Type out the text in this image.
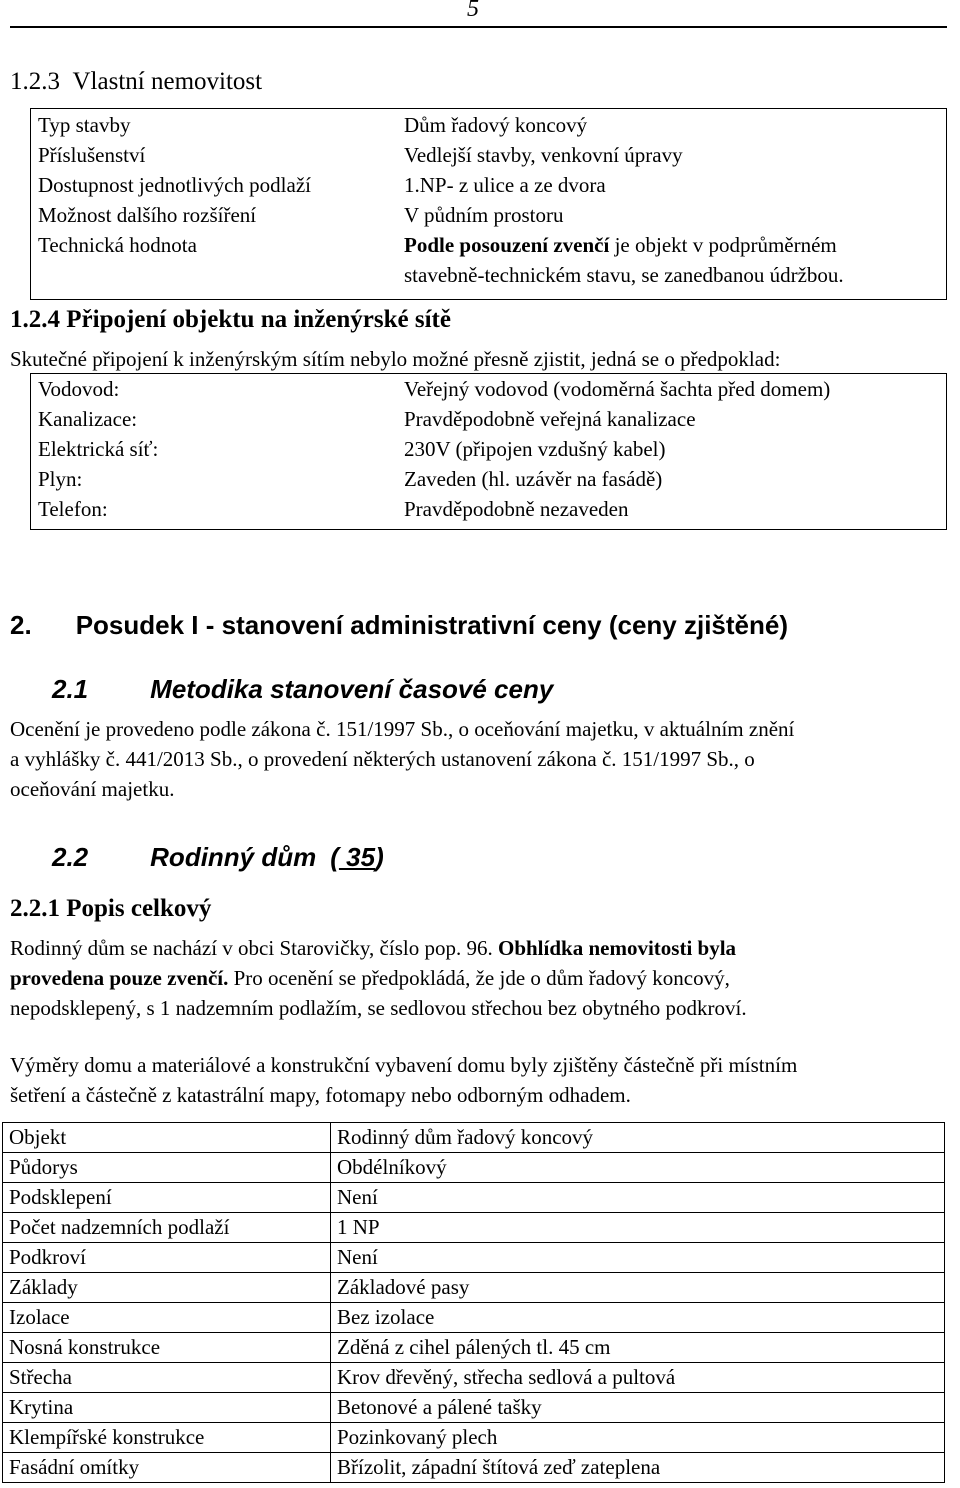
5
1.2.3 Vlastní nemovitost
Typ stavby	Dům řadový koncový
Příslušenství	Vedlejší stavby, venkovní úpravy
Dostupnost jednotlivých podlaží	1.NP- z ulice a ze dvora
Možnost dalšího rozšíření	V půdním prostoru
Technická hodnota	Podle posouzení zvenčí je objekt v podprůměrném
stavebně-technickém stavu, se zanedbanou údržbou.
1.2.4 Připojení objektu na inženýrské sítě
Skutečné připojení k inženýrským sítím nebylo možné přesně zjistit, jedná se o předpoklad:
Vodovod:	Veřejný vodovod (vodoměrná šachta před domem)
Kanalizace:	Pravděpodobně veřejná kanalizace
Elektrická síť:	230V (připojen vzdušný kabel)
Plyn:	Zaveden (hl. uzávěr na fasádě)
Telefon:	Pravděpodobně nezaveden
2. Posudek I - stanovení administrativní ceny (ceny zjištěné)
2.1 Metodika stanovení časové ceny
Ocenění je provedeno podle zákona č. 151/1997 Sb., o oceňování majetku, v aktuálním znění
a vyhlášky č. 441/2013 Sb., o provedení některých ustanovení zákona č. 151/1997 Sb., o
oceňování majetku.
2.2 Rodinný dům ( 35)
2.2.1 Popis celkový
Rodinný dům se nachází v obci Starovičky, číslo pop. 96. Obhlídka nemovitosti byla
provedena pouze zvenčí. Pro ocenění se předpokládá, že jde o dům řadový koncový,
nepodsklepený, s 1 nadzemním podlažím, se sedlovou střechou bez obytného podkroví.
Výměry domu a materiálové a konstrukční vybavení domu byly zjištěny částečně při místním
šetření a částečně z katastrální mapy, fotomapy nebo odborným odhadem.
Objekt	Rodinný dům řadový koncový
Půdorys	Obdélníkový
Podsklepení	Není
Počet nadzemních podlaží	1 NP
Podkroví	Není
Základy	Základové pasy
Izolace	Bez izolace
Nosná konstrukce	Zděná z cihel pálených tl. 45 cm
Střecha	Krov dřevěný, střecha sedlová a pultová
Krytina	Betonové a pálené tašky
Klempířské konstrukce	Pozinkovaný plech
Fasádní omítky	Břízolit, západní štítová zeď zateplena
